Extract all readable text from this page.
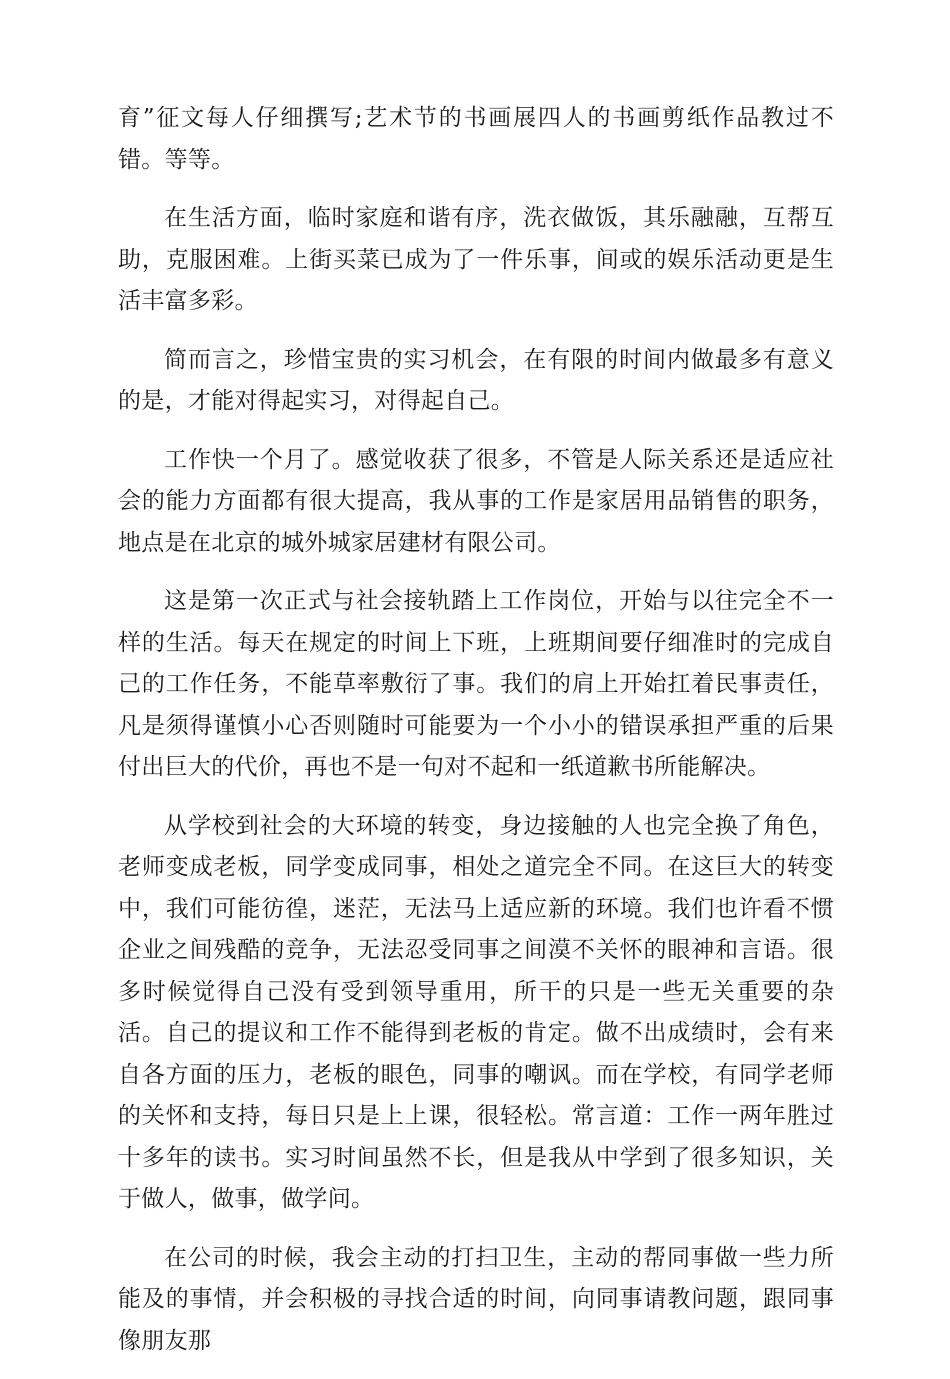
育”征文每人仔细撰写;艺术节的书画展四人的书画剪纸作品教过不错。等等。

在生活方面，临时家庭和谐有序，洗衣做饭，其乐融融，互帮互助，克服困难。上街买菜已成为了一件乐事，间或的娱乐活动更是生活丰富多彩。

简而言之，珍惜宝贵的实习机会，在有限的时间内做最多有意义的是，才能对得起实习，对得起自己。

工作快一个月了。感觉收获了很多，不管是人际关系还是适应社会的能力方面都有很大提高，我从事的工作是家居用品销售的职务，地点是在北京的城外城家居建材有限公司。

这是第一次正式与社会接轨踏上工作岗位，开始与以往完全不一样的生活。每天在规定的时间上下班，上班期间要仔细准时的完成自己的工作任务，不能草率敷衍了事。我们的肩上开始扛着民事责任，凡是须得谨慎小心否则随时可能要为一个小小的错误承担严重的后果付出巨大的代价，再也不是一句对不起和一纸道歉书所能解决。

从学校到社会的大环境的转变，身边接触的人也完全换了角色，老师变成老板，同学变成同事，相处之道完全不同。在这巨大的转变中，我们可能彷徨，迷茫，无法马上适应新的环境。我们也许看不惯企业之间残酷的竞争，无法忍受同事之间漠不关怀的眼神和言语。很多时候觉得自己没有受到领导重用，所干的只是一些无关重要的杂活。自己的提议和工作不能得到老板的肯定。做不出成绩时，会有来自各方面的压力，老板的眼色，同事的嘲讽。而在学校，有同学老师的关怀和支持，每日只是上上课，很轻松。常言道：工作一两年胜过十多年的读书。实习时间虽然不长，但是我从中学到了很多知识，关于做人，做事，做学问。

在公司的时候，我会主动的打扫卫生，主动的帮同事做一些力所能及的事情，并会积极的寻找合适的时间，向同事请教问题，跟同事像朋友那
